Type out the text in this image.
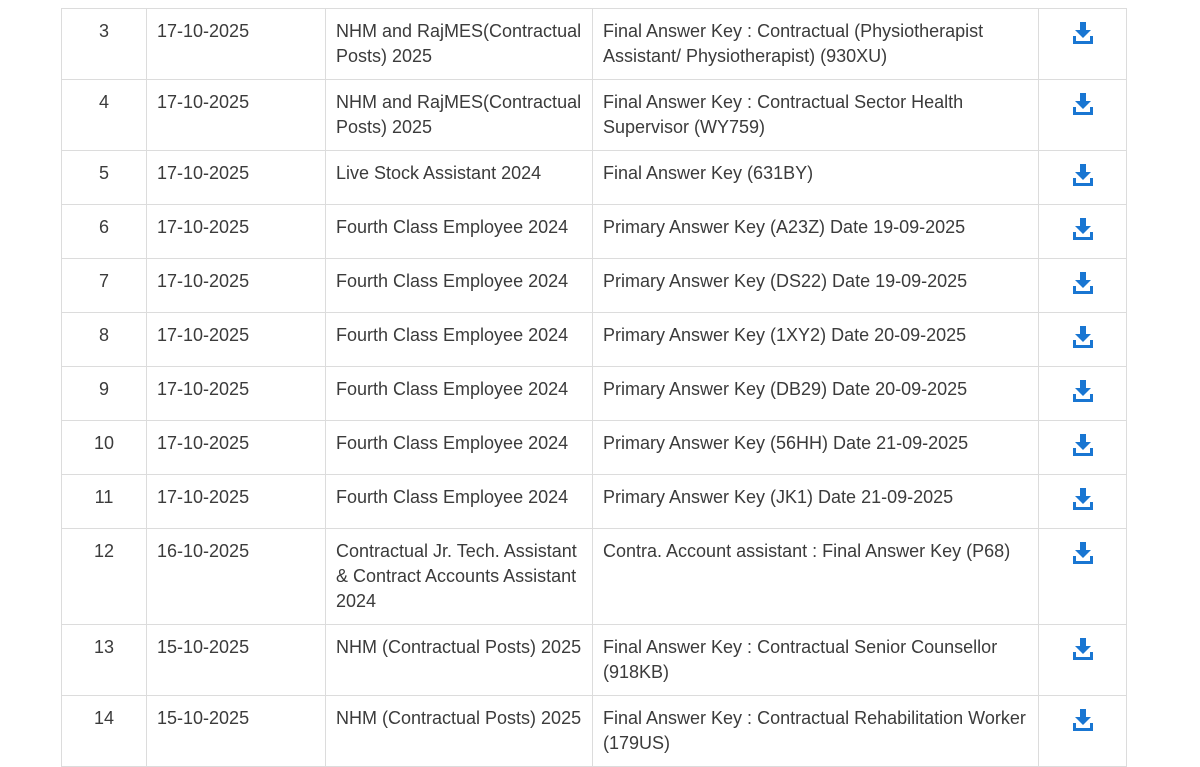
3	17-10-2025	NHM and RajMES(Contractual Posts) 2025	Final Answer Key : Contractual (Physiotherapist Assistant/ Physiotherapist) (930XU)	

4	17-10-2025	NHM and RajMES(Contractual Posts) 2025	Final Answer Key : Contractual Sector Health Supervisor (WY759)	

5	17-10-2025	Live Stock Assistant 2024	Final Answer Key (631BY)	

6	17-10-2025	Fourth Class Employee 2024	Primary Answer Key (A23Z) Date 19-09-2025	

7	17-10-2025	Fourth Class Employee 2024	Primary Answer Key (DS22) Date 19-09-2025	

8	17-10-2025	Fourth Class Employee 2024	Primary Answer Key (1XY2) Date 20-09-2025	

9	17-10-2025	Fourth Class Employee 2024	Primary Answer Key (DB29) Date 20-09-2025	

10	17-10-2025	Fourth Class Employee 2024	Primary Answer Key (56HH) Date 21-09-2025	

11	17-10-2025	Fourth Class Employee 2024	Primary Answer Key (JK1) Date 21-09-2025	

12	16-10-2025	Contractual Jr. Tech. Assistant & Contract Accounts Assistant 2024	Contra. Account assistant : Final Answer Key (P68)	

13	15-10-2025	NHM (Contractual Posts) 2025	Final Answer Key : Contractual Senior Counsellor (918KB)	

14	15-10-2025	NHM (Contractual Posts) 2025	Final Answer Key : Contractual Rehabilitation Worker (179US)	
